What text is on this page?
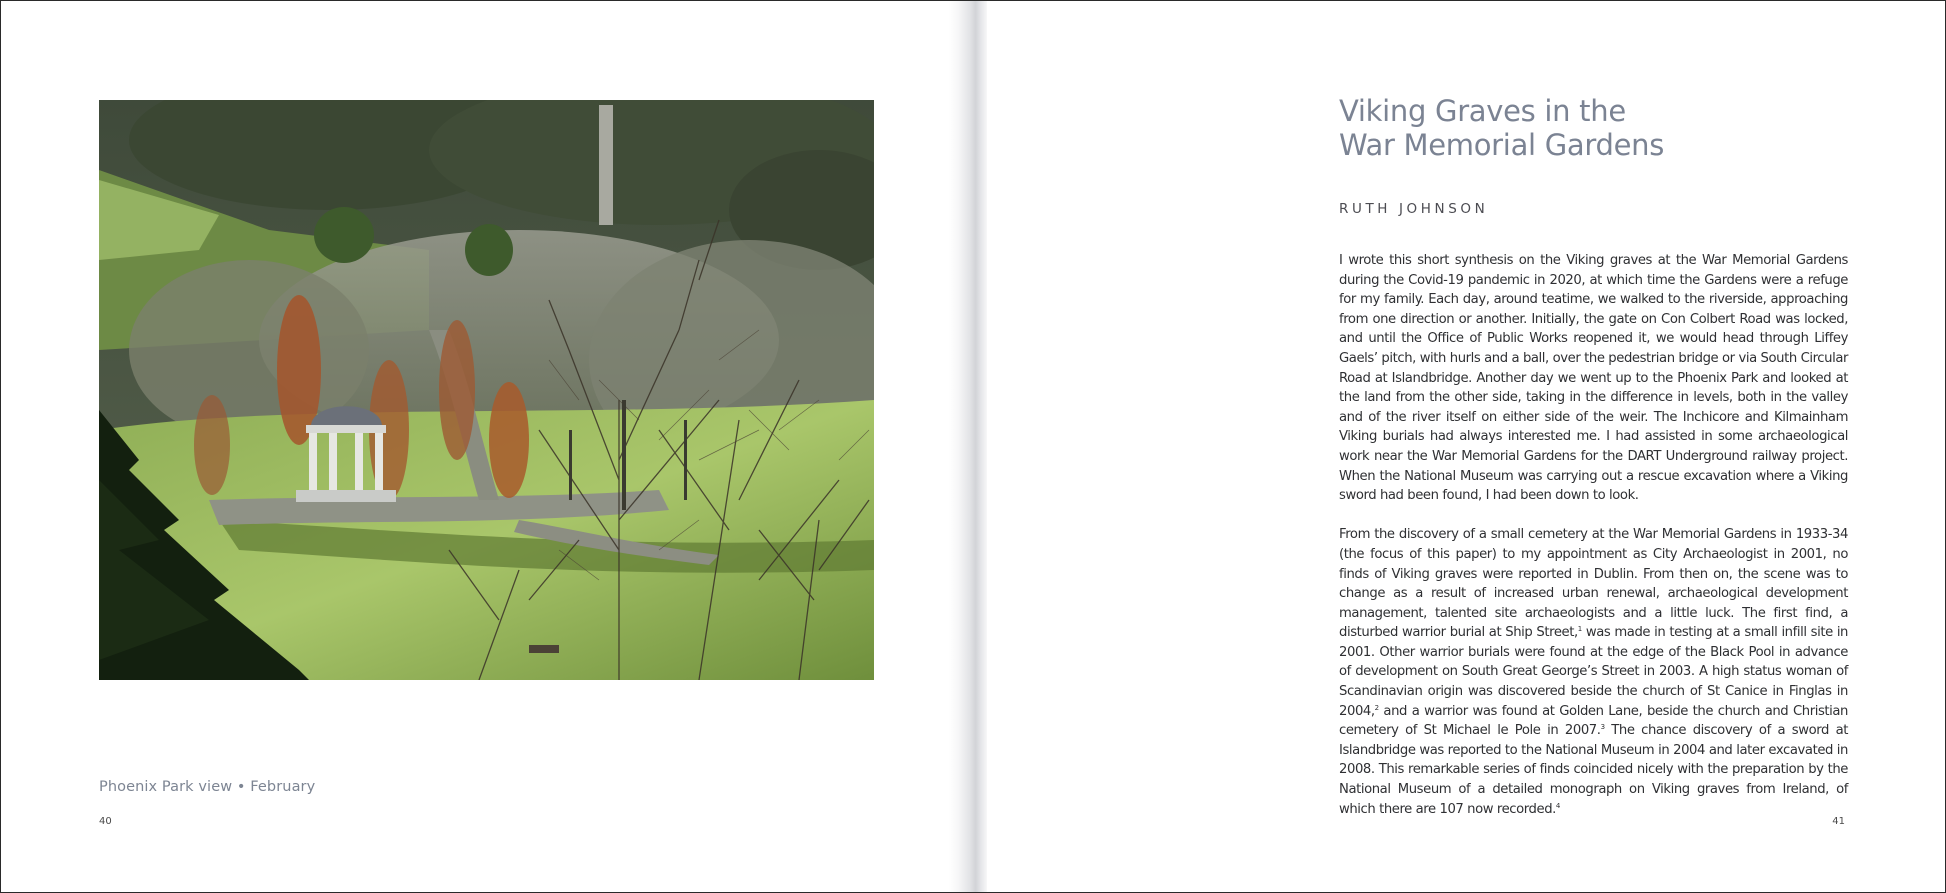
Phoenix Park view • February
40
Viking Graves in the
War Memorial Gardens
RUTH JOHNSON

I wrote this short synthesis on the Viking graves at the War Memorial Gardens during the Covid-19 pandemic in 2020, at which time the Gardens were a refuge for my family. Each day, around teatime, we walked to the riverside, approaching from one direction or another. Initially, the gate on Con Colbert Road was locked, and until the Office of Public Works reopened it, we would head through Liffey Gaels’ pitch, with hurls and a ball, over the pedestrian bridge or via South Circular Road at Islandbridge. Another day we went up to the Phoenix Park and looked at the land from the other side, taking in the difference in levels, both in the valley and of the river itself on either side of the weir. The Inchicore and Kilmainham Viking burials had always interested me. I had assisted in some archaeological work near the War Memorial Gardens for the DART Underground railway project. When the National Museum was carrying out a rescue excavation where a Viking sword had been found, I had been down to look.

From the discovery of a small cemetery at the War Memorial Gardens in 1933-34 (the focus of this paper) to my appointment as City Archaeologist in 2001, no finds of Viking graves were reported in Dublin. From then on, the scene was to change as a result of increased urban renewal, archaeological development management, talented site archaeologists and a little luck. The first find, a disturbed warrior burial at Ship Street,$^1$ was made in testing at a small infill site in 2001. Other warrior burials were found at the edge of the Black Pool in advance of development on South Great George’s Street in 2003. A high status woman of Scandinavian origin was discovered beside the church of St Canice in Finglas in 2004,$^2$ and a warrior was found at Golden Lane, beside the church and Christian cemetery of St Michael le Pole in 2007.$^3$ The chance discovery of a sword at Islandbridge was reported to the National Museum in 2004 and later excavated in 2008. This remarkable series of finds coincided nicely with the preparation by the National Museum of a detailed monograph on Viking graves from Ireland, of which there are 107 now recorded.$^4$

41
